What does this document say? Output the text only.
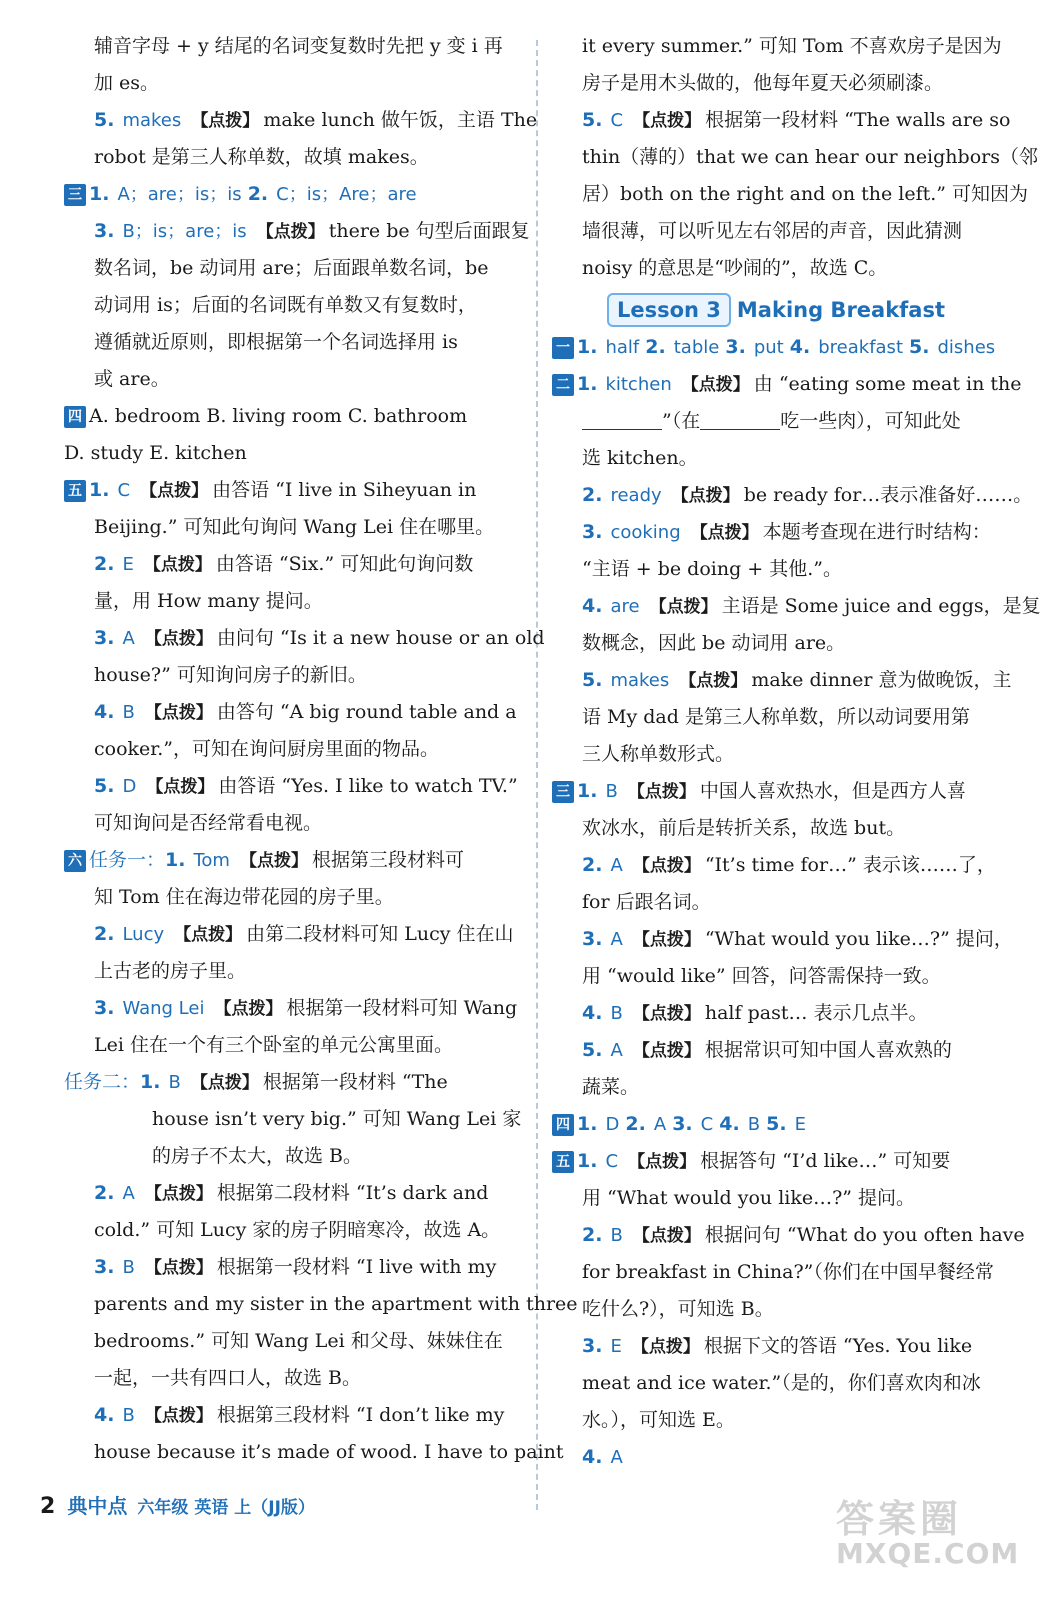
辅音字母 + y 结尾的名词变复数时先把 y 变 i 再
加 es。
5. makes 【点拨】 make lunch 做午饭，主语 The
robot 是第三人称单数，故填 makes。
三 1. A；are；is；is 2. C；is；Are；are
3. B；is；are；is 【点拨】 there be 句型后面跟复
数名词，be 动词用 are；后面跟单数名词，be
动词用 is；后面的名词既有单数又有复数时，
遵循就近原则，即根据第一个名词选择用 is
或 are。
四 A. bedroom B. living room C. bathroom
D. study E. kitchen
五 1. C 【点拨】 由答语 “I live in Siheyuan in
Beijing.” 可知此句询问 Wang Lei 住在哪里。
2. E 【点拨】 由答语 “Six.” 可知此句询问数
量，用 How many 提问。
3. A 【点拨】 由问句 “Is it a new house or an old
house?” 可知询问房子的新旧。
4. B 【点拨】 由答句 “A big round table and a
cooker.”，可知在询问厨房里面的物品。
5. D 【点拨】 由答语 “Yes. I like to watch TV.”
可知询问是否经常看电视。
六 任务一：1. Tom 【点拨】 根据第三段材料可
知 Tom 住在海边带花园的房子里。
2. Lucy 【点拨】 由第二段材料可知 Lucy 住在山
上古老的房子里。
3. Wang Lei 【点拨】 根据第一段材料可知 Wang
Lei 住在一个有三个卧室的单元公寓里面。
任务二：1. B 【点拨】 根据第一段材料 “The
house isn’t very big.” 可知 Wang Lei 家
的房子不太大，故选 B。
2. A 【点拨】 根据第二段材料 “It’s dark and
cold.” 可知 Lucy 家的房子阴暗寒冷，故选 A。
3. B 【点拨】 根据第一段材料 “I live with my
parents and my sister in the apartment with three
bedrooms.” 可知 Wang Lei 和父母、妹妹住在
一起，一共有四口人，故选 B。
4. B 【点拨】 根据第三段材料 “I don’t like my
house because it’s made of wood. I have to paint
it every summer.” 可知 Tom 不喜欢房子是因为
房子是用木头做的，他每年夏天必须刷漆。
5. C 【点拨】 根据第一段材料 “The walls are so
thin（薄的）that we can hear our neighbors（邻
居）both on the right and on the left.” 可知因为
墙很薄，可以听见左右邻居的声音，因此猜测
noisy 的意思是“吵闹的”，故选 C。
Lesson 3 Making Breakfast
一 1. half 2. table 3. put 4. breakfast 5. dishes
二 1. kitchen 【点拨】 由 “eating some meat in the
”（在	吃一些肉），可知此处
选 kitchen。
2. ready 【点拨】 be ready for…表示准备好……。
3. cooking 【点拨】 本题考查现在进行时结构：
“主语 + be doing + 其他.”。
4. are 【点拨】 主语是 Some juice and eggs，是复
数概念，因此 be 动词用 are。
5. makes 【点拨】 make dinner 意为做晚饭，主
语 My dad 是第三人称单数，所以动词要用第
三人称单数形式。
三 1. B 【点拨】 中国人喜欢热水，但是西方人喜
欢冰水，前后是转折关系，故选 but。
2. A 【点拨】 “It’s time for…” 表示该……了，
for 后跟名词。
3. A 【点拨】 “What would you like…?” 提问，
用 “would like” 回答，问答需保持一致。
4. B 【点拨】 half past… 表示几点半。
5. A 【点拨】 根据常识可知中国人喜欢熟的
蔬菜。
四 1. D 2. A 3. C 4. B 5. E
五 1. C 【点拨】 根据答句 “I’d like…” 可知要
用 “What would you like…?” 提问。
2. B 【点拨】 根据问句 “What do you often have
for breakfast in China?”（你们在中国早餐经常
吃什么?），可知选 B。
3. E 【点拨】 根据下文的答语 “Yes. You like
meat and ice water.”（是的，你们喜欢肉和冰
水。），可知选 E。
4. A
2 典中点 六年级 英语 上（JJ版）	答案圈
MXQE.COM
